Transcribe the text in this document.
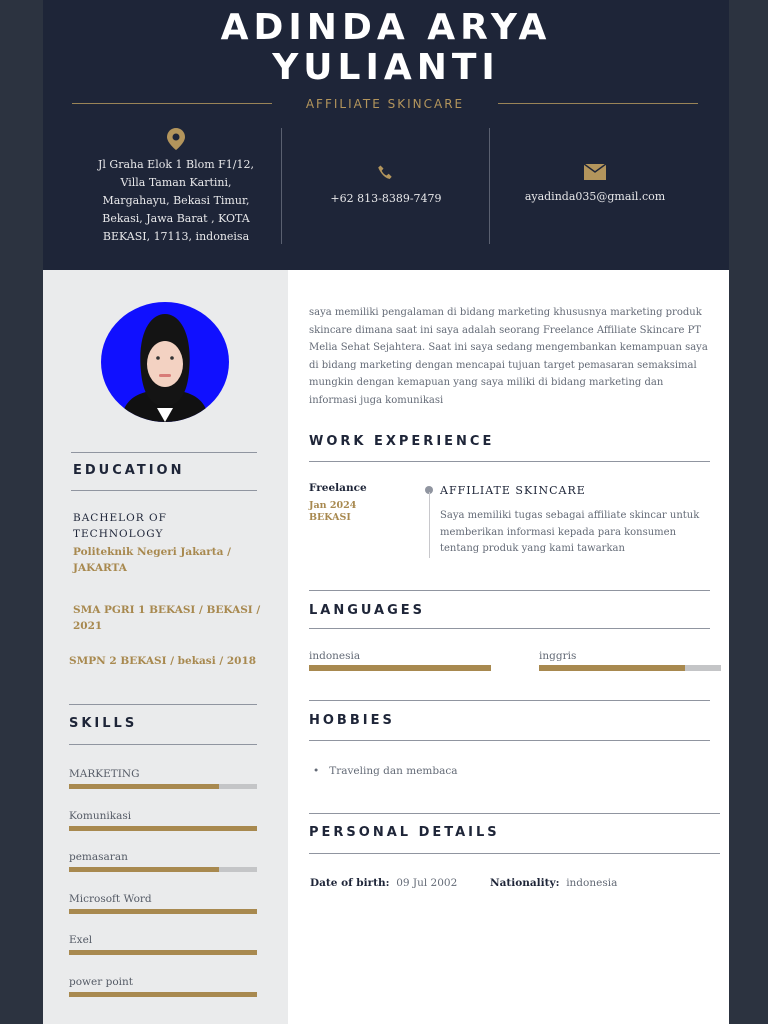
ADINDA ARYA
YULIANTI
AFFILIATE SKINCARE
Jl Graha Elok 1 Blom F1/12, Villa Taman Kartini, Margahayu, Bekasi Timur, Bekasi, Jawa Barat , KOTA BEKASI, 17113, indoneisa
+62 813-8389-7479	ayadinda035@gmail.com
EDUCATION
BACHELOR OF
TECHNOLOGY
Politeknik Negeri Jakarta /
JAKARTA
SMA PGRI 1 BEKASI / BEKASI /
2021
SMPN 2 BEKASI / bekasi / 2018
SKILLS
MARKETING
Komunikasi
pemasaran
Microsoft Word
Exel
power point
saya memiliki pengalaman di bidang marketing khususnya marketing produk skincare dimana saat ini saya adalah seorang Freelance Affiliate Skincare PT Melia Sehat Sejahtera. Saat ini saya sedang mengembankan kemampuan saya di bidang marketing dengan mencapai tujuan target pemasaran semaksimal mungkin dengan kemapuan yang saya miliki di bidang marketing dan informasi juga komunikasi
WORK EXPERIENCE
Freelance
Jan 2024
BEKASI
AFFILIATE SKINCARE
Saya memiliki tugas sebagai affiliate skincar untuk memberikan informasi kepada para konsumen tentang produk yang kami tawarkan
LANGUAGES
indonesia	inggris
HOBBIES
•   Traveling dan membaca
PERSONAL DETAILS
Date of birth: 09 Jul 2002	Nationality: indonesia
